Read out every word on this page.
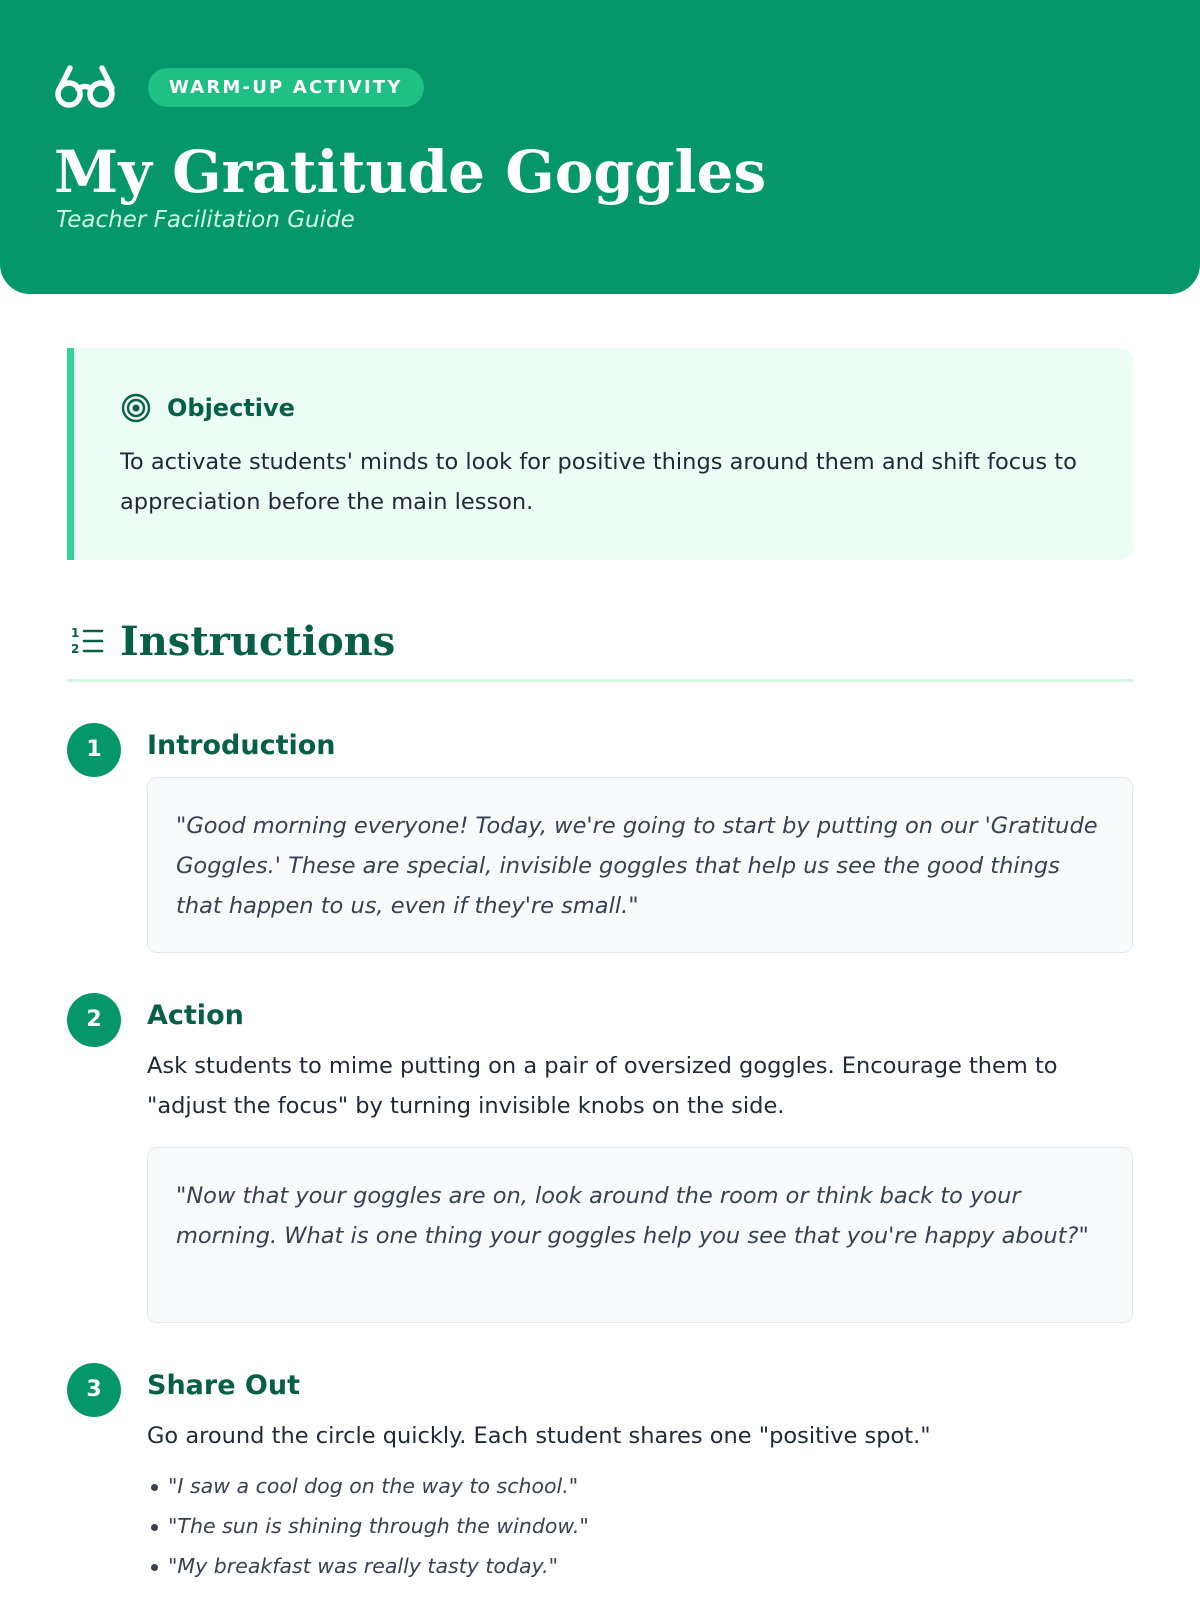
WARM-UP ACTIVITY
My Gratitude Goggles
Teacher Facilitation Guide
Objective

To activate students' minds to look for positive things around them and shift focus to appreciation before the main lesson.

1
2 Instructions
1	Introduction

"Good morning everyone! Today, we're going to start by putting on our 'Gratitude Goggles.' These are special, invisible goggles that help us see the good things that happen to us, even if they're small."

2	Action

Ask students to mime putting on a pair of oversized goggles. Encourage them to "adjust the focus" by turning invisible knobs on the side.

"Now that your goggles are on, look around the room or think back to your morning. What is one thing your goggles help you see that you're happy about?"

3	Share Out

Go around the circle quickly. Each student shares one "positive spot."

"I saw a cool dog on the way to school."
"The sun is shining through the window."
"My breakfast was really tasty today."
